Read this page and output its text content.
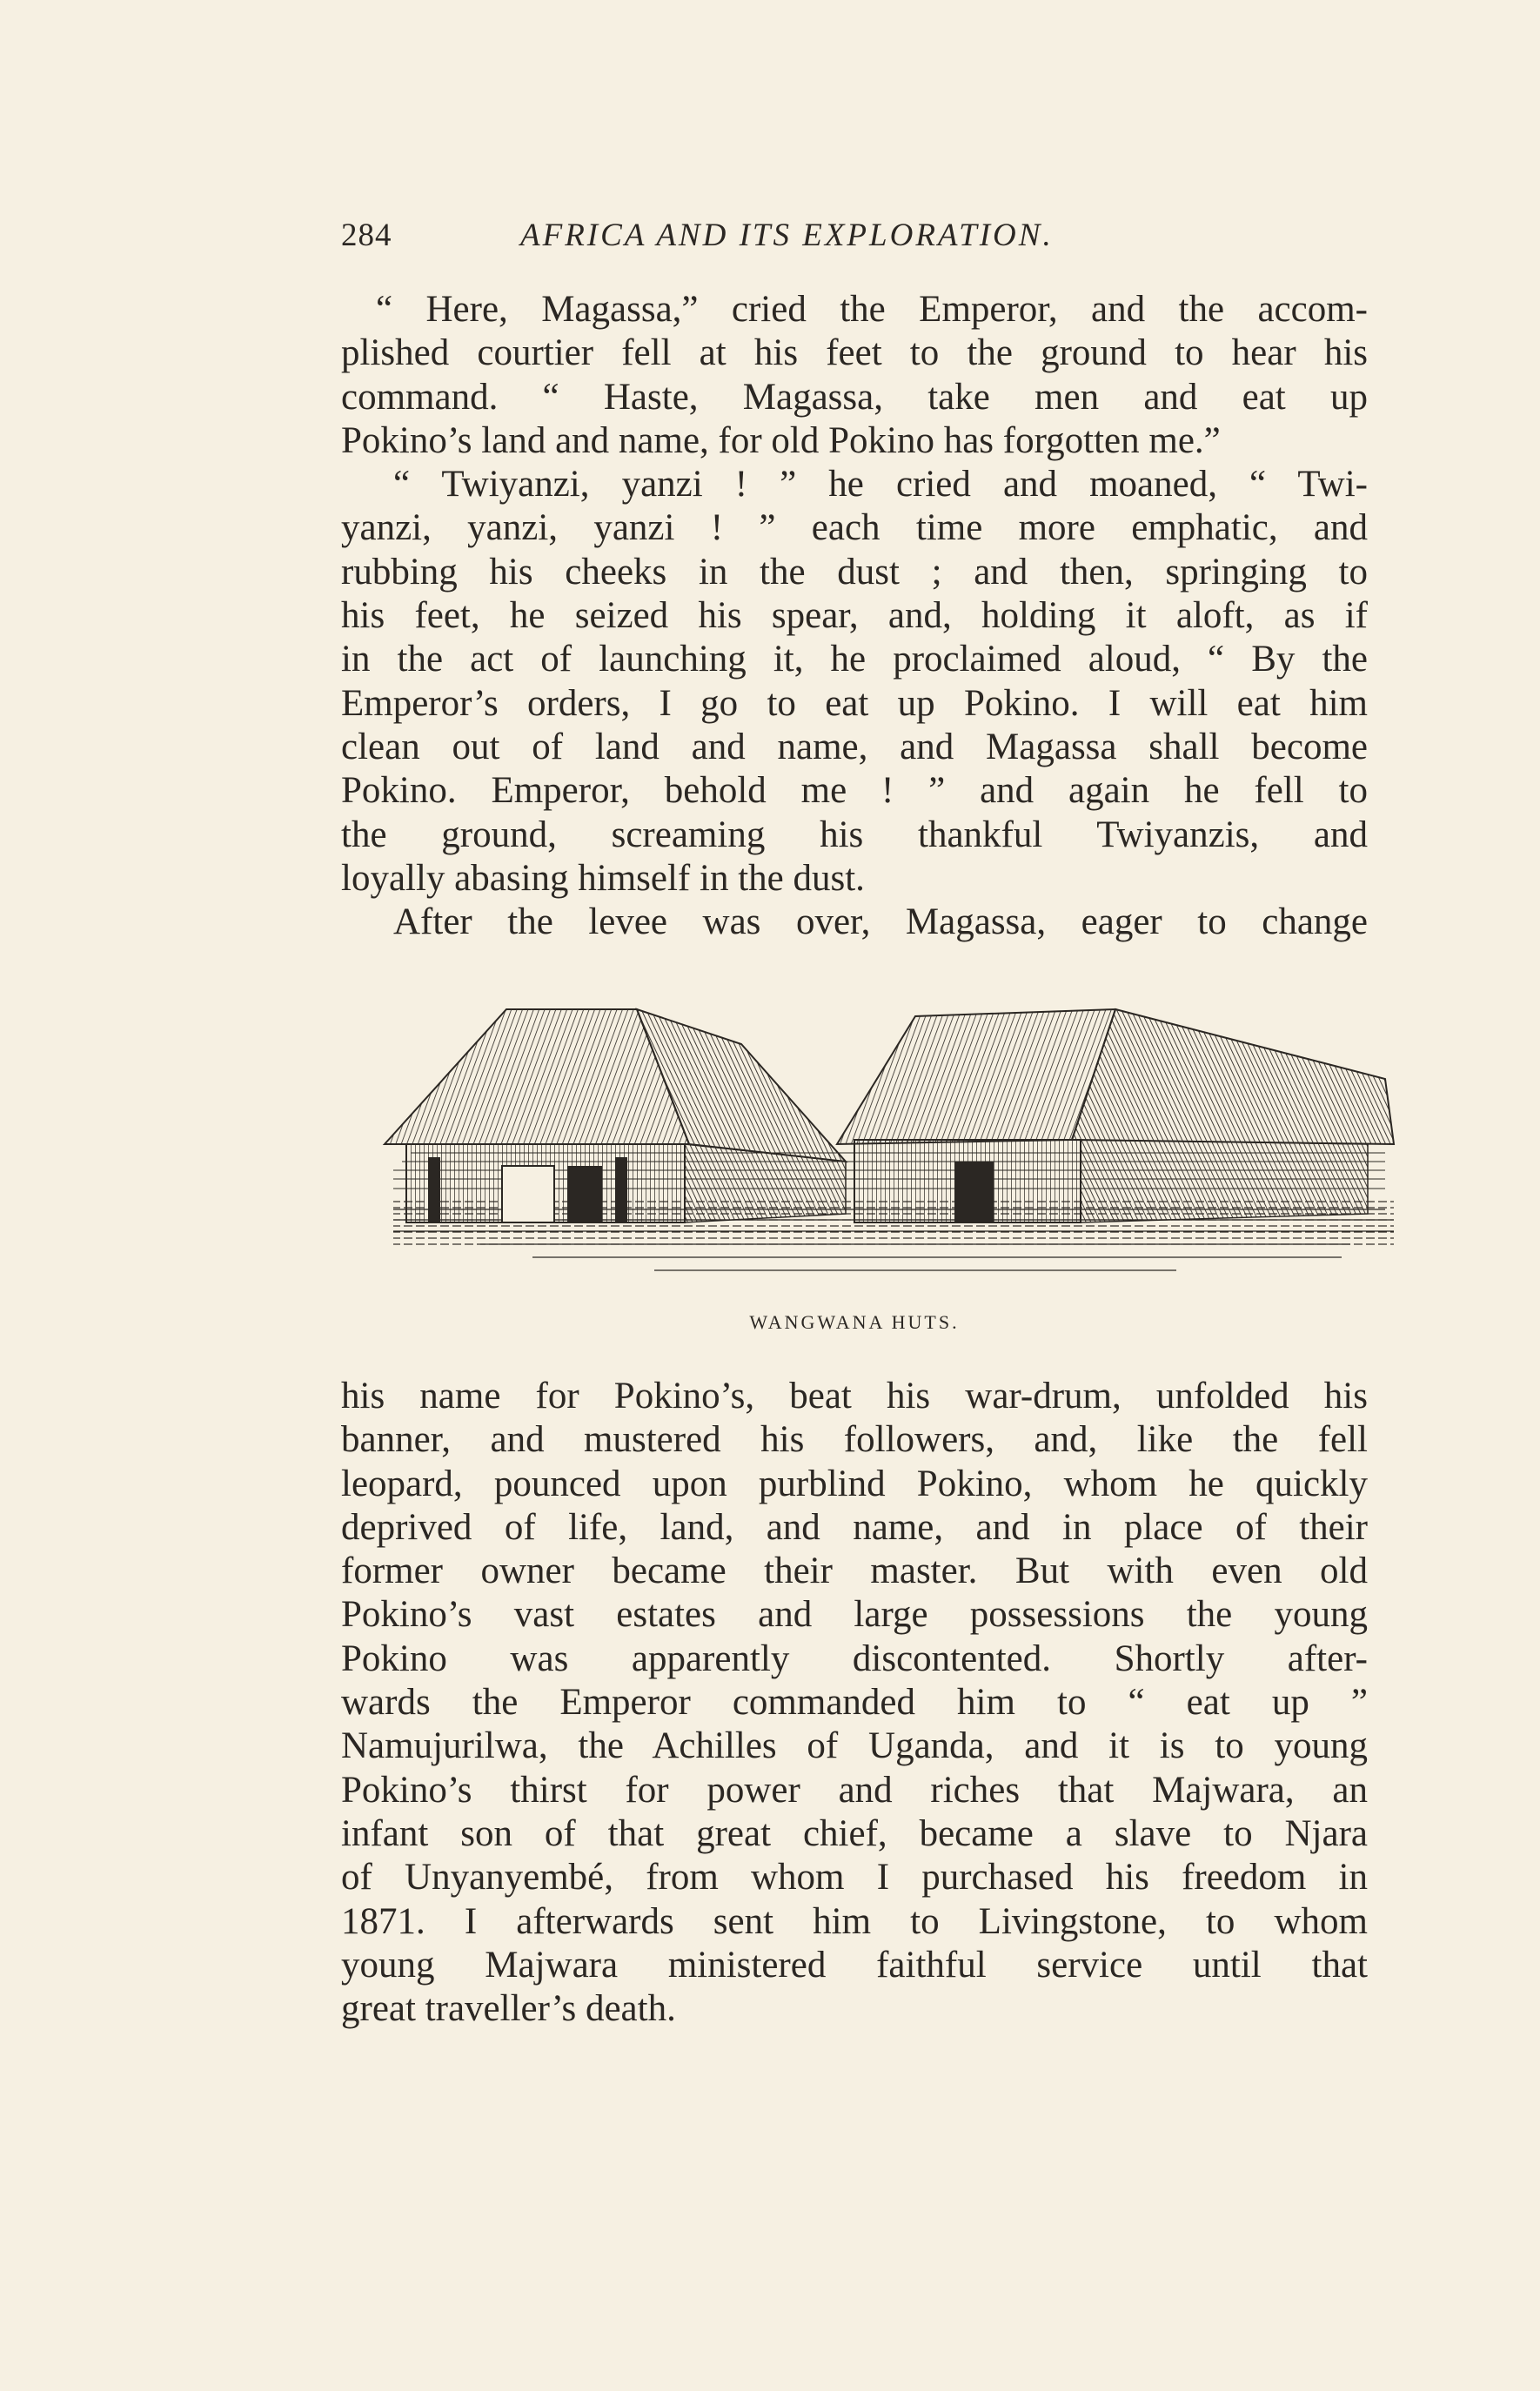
284	AFRICA AND ITS EXPLORATION.
“ Here, Magassa,” cried the Emperor, and the accom-
plished courtier fell at his feet to the ground to hear his
command. “ Haste, Magassa, take men and eat up
Pokino’s land and name, for old Pokino has forgotten me.”
“ Twiyanzi, yanzi ! ” he cried and moaned, “ Twi-
yanzi, yanzi, yanzi ! ” each time more emphatic, and
rubbing his cheeks in the dust ; and then, springing to
his feet, he seized his spear, and, holding it aloft, as if
in the act of launching it, he proclaimed aloud, “ By the
Emperor’s orders, I go to eat up Pokino. I will eat him
clean out of land and name, and Magassa shall become
Pokino. Emperor, behold me ! ” and again he fell to
the ground, screaming his thankful Twiyanzis, and
loyally abasing himself in the dust.
After the levee was over, Magassa, eager to change
WANGWANA HUTS.
his name for Pokino’s, beat his war-drum, unfolded his
banner, and mustered his followers, and, like the fell
leopard, pounced upon purblind Pokino, whom he quickly
deprived of life, land, and name, and in place of their
former owner became their master. But with even old
Pokino’s vast estates and large possessions the young
Pokino was apparently discontented. Shortly after-
wards the Emperor commanded him to “ eat up ”
Namujurilwa, the Achilles of Uganda, and it is to young
Pokino’s thirst for power and riches that Majwara, an
infant son of that great chief, became a slave to Njara
of Unyanyembé, from whom I purchased his freedom in
1871. I afterwards sent him to Livingstone, to whom
young Majwara ministered faithful service until that
great traveller’s death.
